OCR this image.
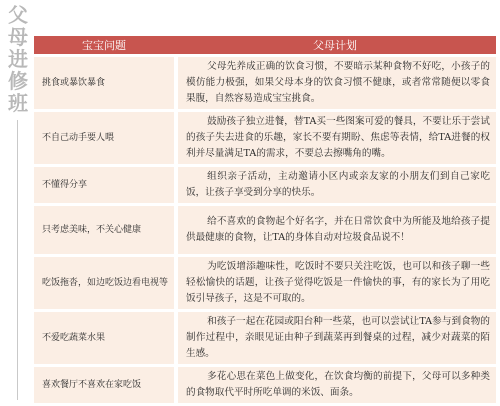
父
母
进
修
班
宝宝问题	父母计划
挑食或暴饮暴食	父母先养成正确的饮食习惯，不要暗示某种食物不好吃，小孩子的模仿能力极强，如果父母本身的饮食习惯不健康，或者常常随便以零食果腹，自然容易造成宝宝挑食。
不自己动手要人喂	鼓励孩子独立进餐，替TA买一些图案可爱的餐具，不要让乐于尝试的孩子失去进食的乐趣，家长不要有期盼、焦虑等表情，给TA进餐的权利并尽量满足TA的需求，不要总去擦嘴角的嘴。
不懂得分享	组织亲子活动，主动邀请小区内或亲友家的小朋友们到自己家吃饭，让孩子享受到分享的快乐。
只考虑美味，不关心健康	给不喜欢的食物起个好名字，并在日常饮食中为所能及地给孩子提供最健康的食物，让TA的身体自动对垃圾食品说不！
吃饭拖沓，如边吃饭边看电视等	为吃饭增添趣味性，吃饭时不要只关注吃饭，也可以和孩子聊一些轻松愉快的话题，让孩子觉得吃饭是一件愉快的事，有的家长为了用吃饭引导孩子，这是不可取的。
不爱吃蔬菜水果	和孩子一起在花园或阳台种一些菜，也可以尝试让TA参与到食物的制作过程中，亲眼见证由种子到蔬菜再到餐桌的过程，减少对蔬菜的陌生感。
喜欢餐厅不喜欢在家吃饭	多花心思在菜色上做变化，在饮食均衡的前提下，父母可以多种类的食物取代平时所吃单调的米饭、面条。
